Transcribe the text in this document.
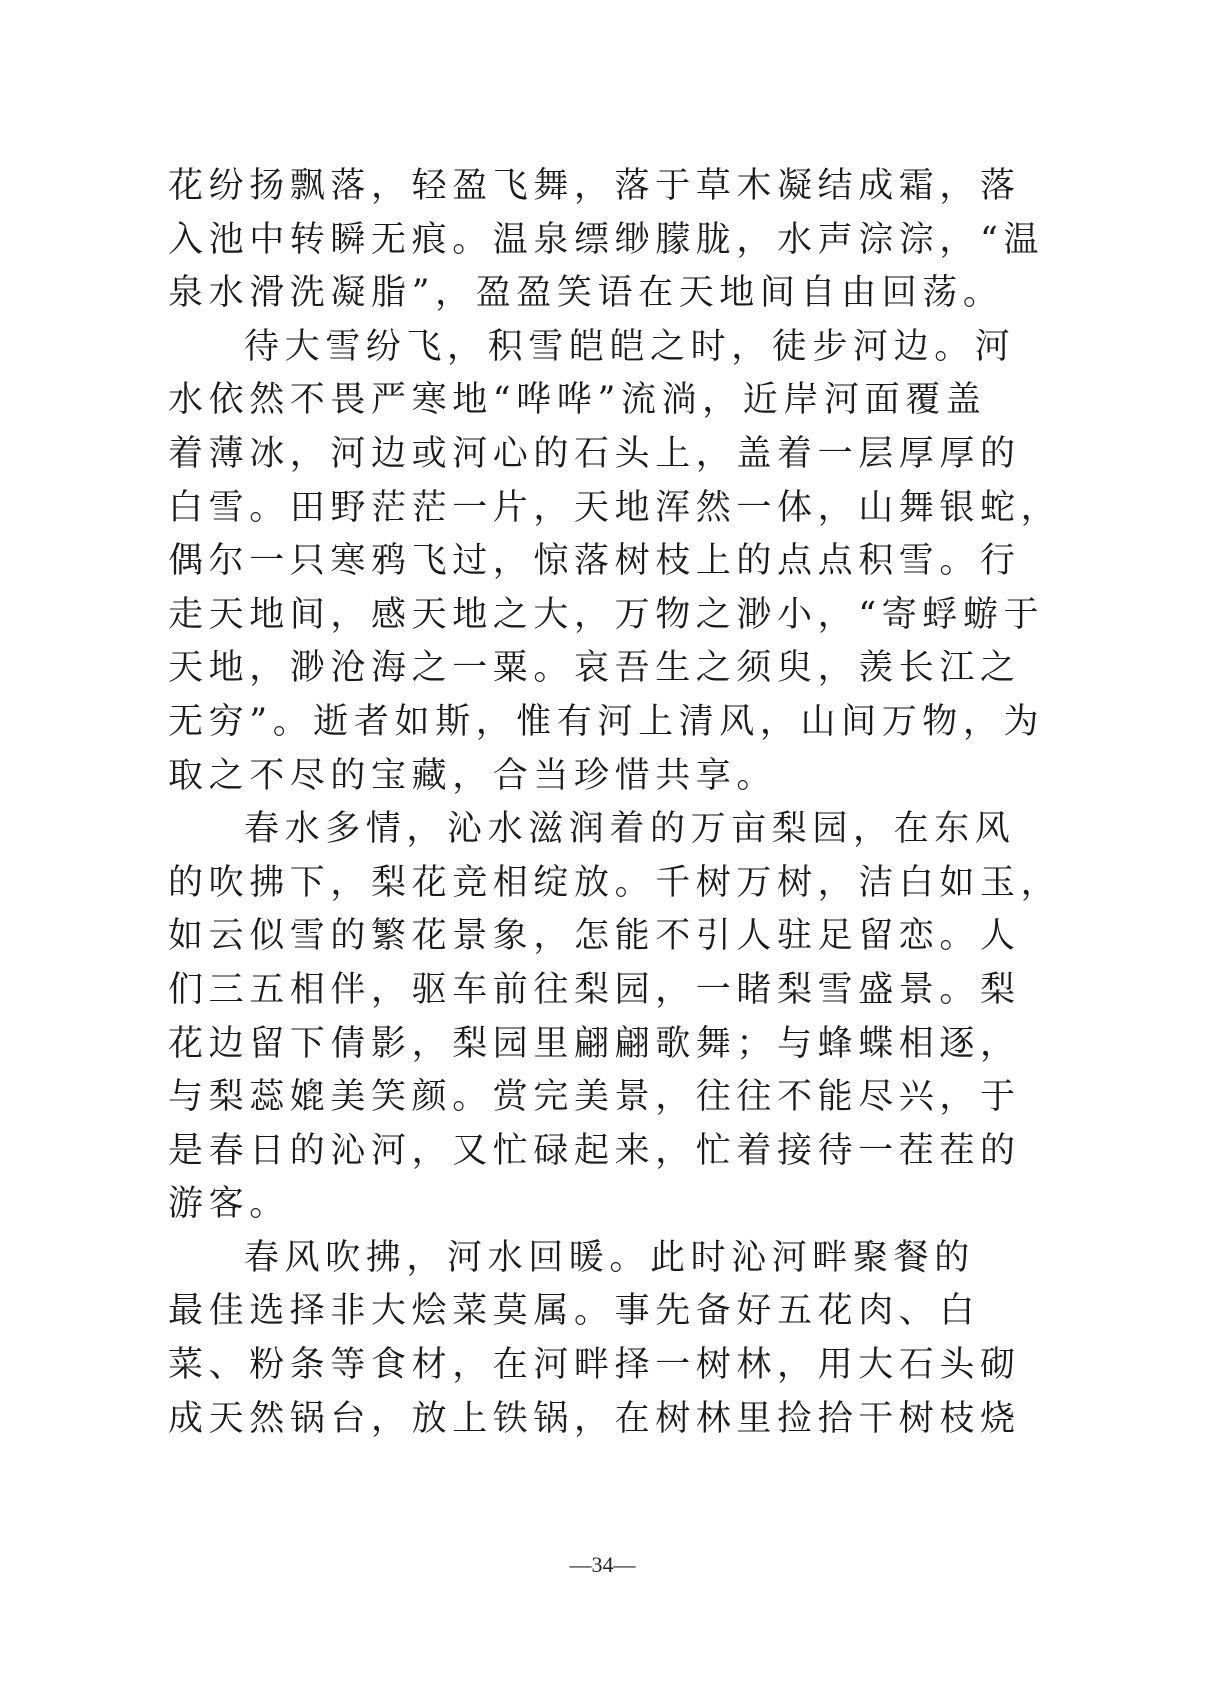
花纷扬飘落，轻盈飞舞，落于草木凝结成霜，落
入池中转瞬无痕。温泉缥缈朦胧，水声淙淙，“温
泉水滑洗凝脂”，盈盈笑语在天地间自由回荡。
待大雪纷飞，积雪皑皑之时，徒步河边。河
水依然不畏严寒地“哗哗”流淌，近岸河面覆盖
着薄冰，河边或河心的石头上，盖着一层厚厚的
白雪。田野茫茫一片，天地浑然一体，山舞银蛇，
偶尔一只寒鸦飞过，惊落树枝上的点点积雪。行
走天地间，感天地之大，万物之渺小，“寄蜉蝣于
天地，渺沧海之一粟。哀吾生之须臾，羡长江之
无穷”。逝者如斯，惟有河上清风，山间万物，为
取之不尽的宝藏，合当珍惜共享。
春水多情，沁水滋润着的万亩梨园，在东风
的吹拂下，梨花竞相绽放。千树万树，洁白如玉，
如云似雪的繁花景象，怎能不引人驻足留恋。人
们三五相伴，驱车前往梨园，一睹梨雪盛景。梨
花边留下倩影，梨园里翩翩歌舞；与蜂蝶相逐，
与梨蕊媲美笑颜。赏完美景，往往不能尽兴，于
是春日的沁河，又忙碌起来，忙着接待一茬茬的
游客。
春风吹拂，河水回暖。此时沁河畔聚餐的
最佳选择非大烩菜莫属。事先备好五花肉、白
菜、粉条等食材，在河畔择一树林，用大石头砌
成天然锅台，放上铁锅，在树林里捡拾干树枝烧
—34—
